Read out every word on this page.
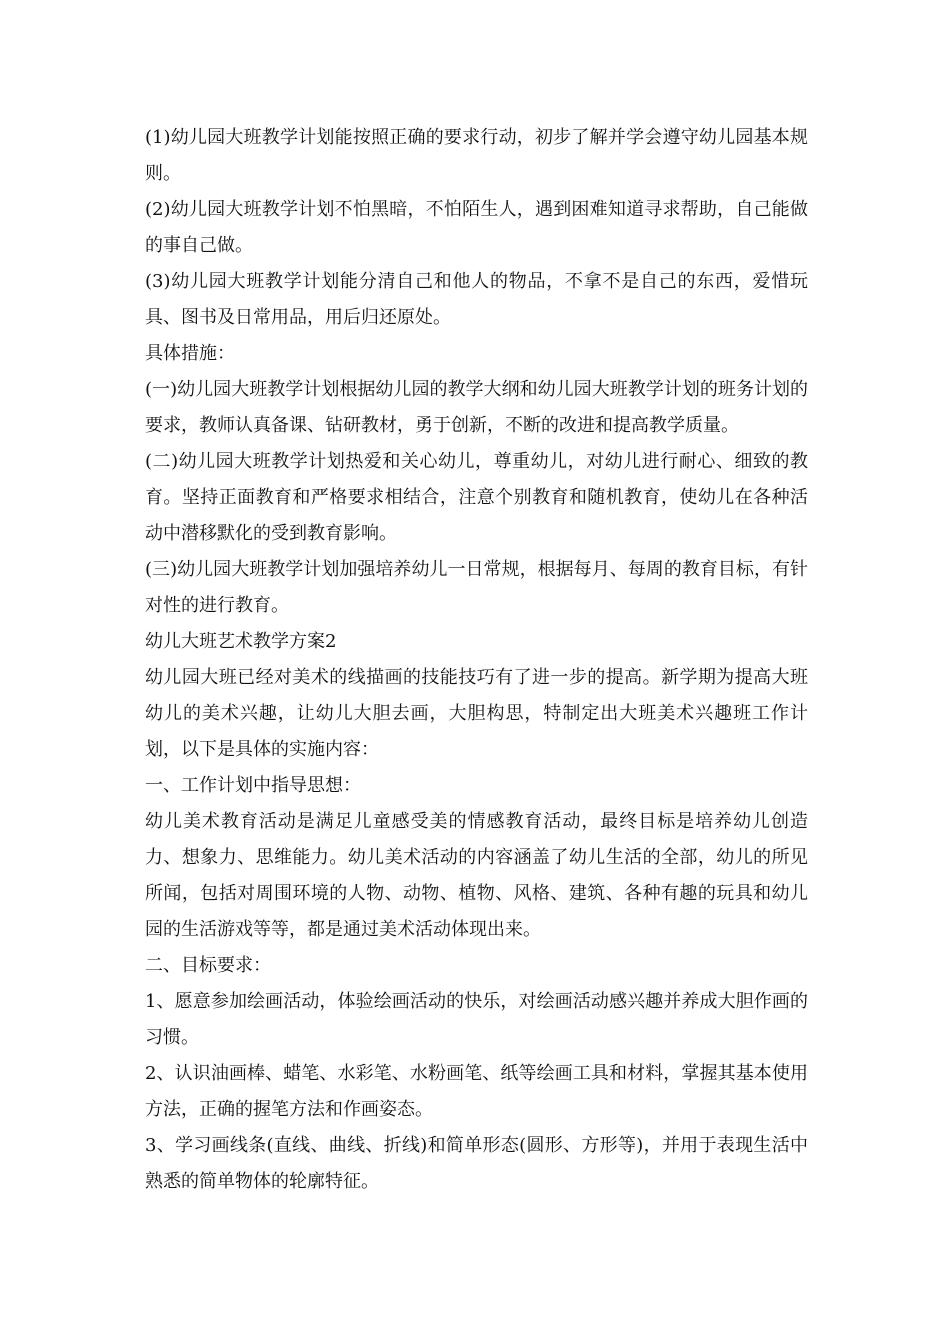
(1)幼儿园大班教学计划能按照正确的要求行动，初步了解并学会遵守幼儿园基本规则。

(2)幼儿园大班教学计划不怕黑暗，不怕陌生人，遇到困难知道寻求帮助，自己能做的事自己做。

(3)幼儿园大班教学计划能分清自己和他人的物品，不拿不是自己的东西，爱惜玩具、图书及日常用品，用后归还原处。

具体措施：

(一)幼儿园大班教学计划根据幼儿园的教学大纲和幼儿园大班教学计划的班务计划的要求，教师认真备课、钻研教材，勇于创新，不断的改进和提高教学质量。

(二)幼儿园大班教学计划热爱和关心幼儿，尊重幼儿，对幼儿进行耐心、细致的教育。坚持正面教育和严格要求相结合，注意个别教育和随机教育，使幼儿在各种活动中潜移默化的受到教育影响。

(三)幼儿园大班教学计划加强培养幼儿一日常规，根据每月、每周的教育目标，有针对性的进行教育。

幼儿大班艺术教学方案2

幼儿园大班已经对美术的线描画的技能技巧有了进一步的提高。新学期为提高大班幼儿的美术兴趣，让幼儿大胆去画，大胆构思，特制定出大班美术兴趣班工作计划，以下是具体的实施内容：

一、工作计划中指导思想：

幼儿美术教育活动是满足儿童感受美的情感教育活动，最终目标是培养幼儿创造力、想象力、思维能力。幼儿美术活动的内容涵盖了幼儿生活的全部，幼儿的所见所闻，包括对周围环境的人物、动物、植物、风格、建筑、各种有趣的玩具和幼儿园的生活游戏等等，都是通过美术活动体现出来。

二、目标要求：

1、愿意参加绘画活动，体验绘画活动的快乐，对绘画活动感兴趣并养成大胆作画的习惯。

2、认识油画棒、蜡笔、水彩笔、水粉画笔、纸等绘画工具和材料，掌握其基本使用方法，正确的握笔方法和作画姿态。

3、学习画线条(直线、曲线、折线)和简单形态(圆形、方形等)，并用于表现生活中熟悉的简单物体的轮廓特征。
